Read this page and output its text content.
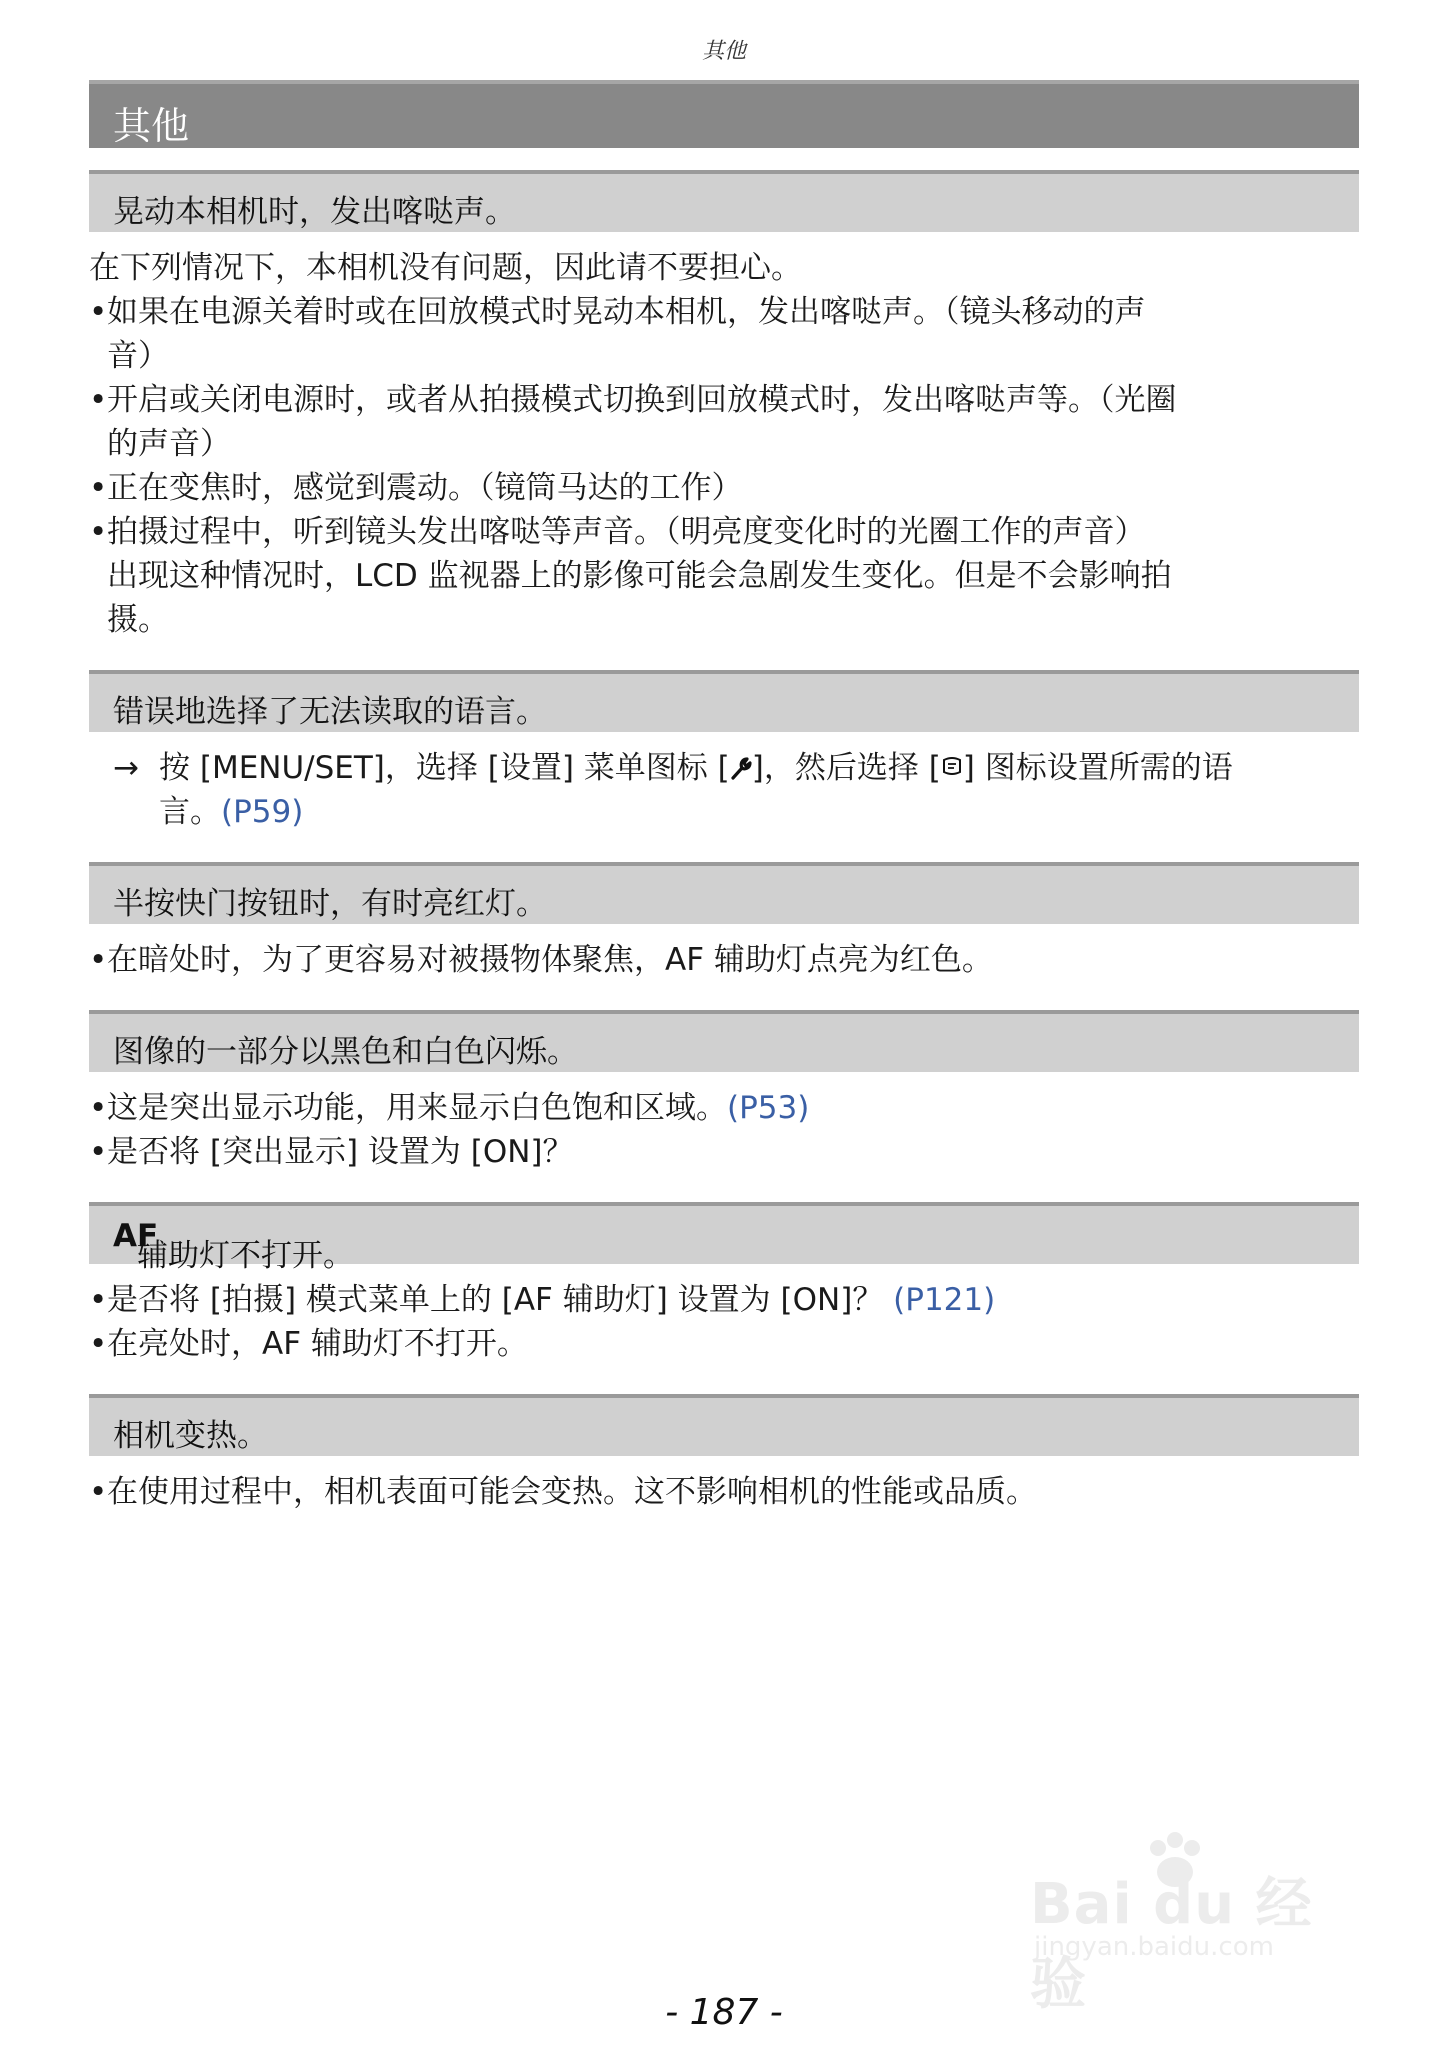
其他
其他
晃动本相机时，发出喀哒声。

在下列情况下，本相机没有问题，因此请不要担心。

• 如果在电源关着时或在回放模式时晃动本相机，发出喀哒声。（镜头移动的声
音）
• 开启或关闭电源时，或者从拍摄模式切换到回放模式时，发出喀哒声等。（光圈
的声音）
• 正在变焦时，感觉到震动。（镜筒马达的工作）
• 拍摄过程中，听到镜头发出喀哒等声音。（明亮度变化时的光圈工作的声音）
出现这种情况时，LCD 监视器上的影像可能会急剧发生变化。但是不会影响拍
摄。
错误地选择了无法读取的语言。
→ 按 [MENU/SET]，选择 [设置] 菜单图标 [ ]，然后选择 [ ] 图标设置所需的语
言。(P59)
半按快门按钮时，有时亮红灯。
• 在暗处时，为了更容易对被摄物体聚焦，AF 辅助灯点亮为红色。
图像的一部分以黑色和白色闪烁。
• 这是突出显示功能，用来显示白色饱和区域。(P53)
• 是否将 [突出显示] 设置为 [ON]？
AF
辅助灯不打开。
• 是否将 [拍摄] 模式菜单上的 [AF 辅助灯] 设置为 [ON]？ (P121)
• 在亮处时，AF 辅助灯不打开。
相机变热。
• 在使用过程中，相机表面可能会变热。这不影响相机的性能或品质。
Bai du 经验
jingyan.baidu.com
- 187 -
